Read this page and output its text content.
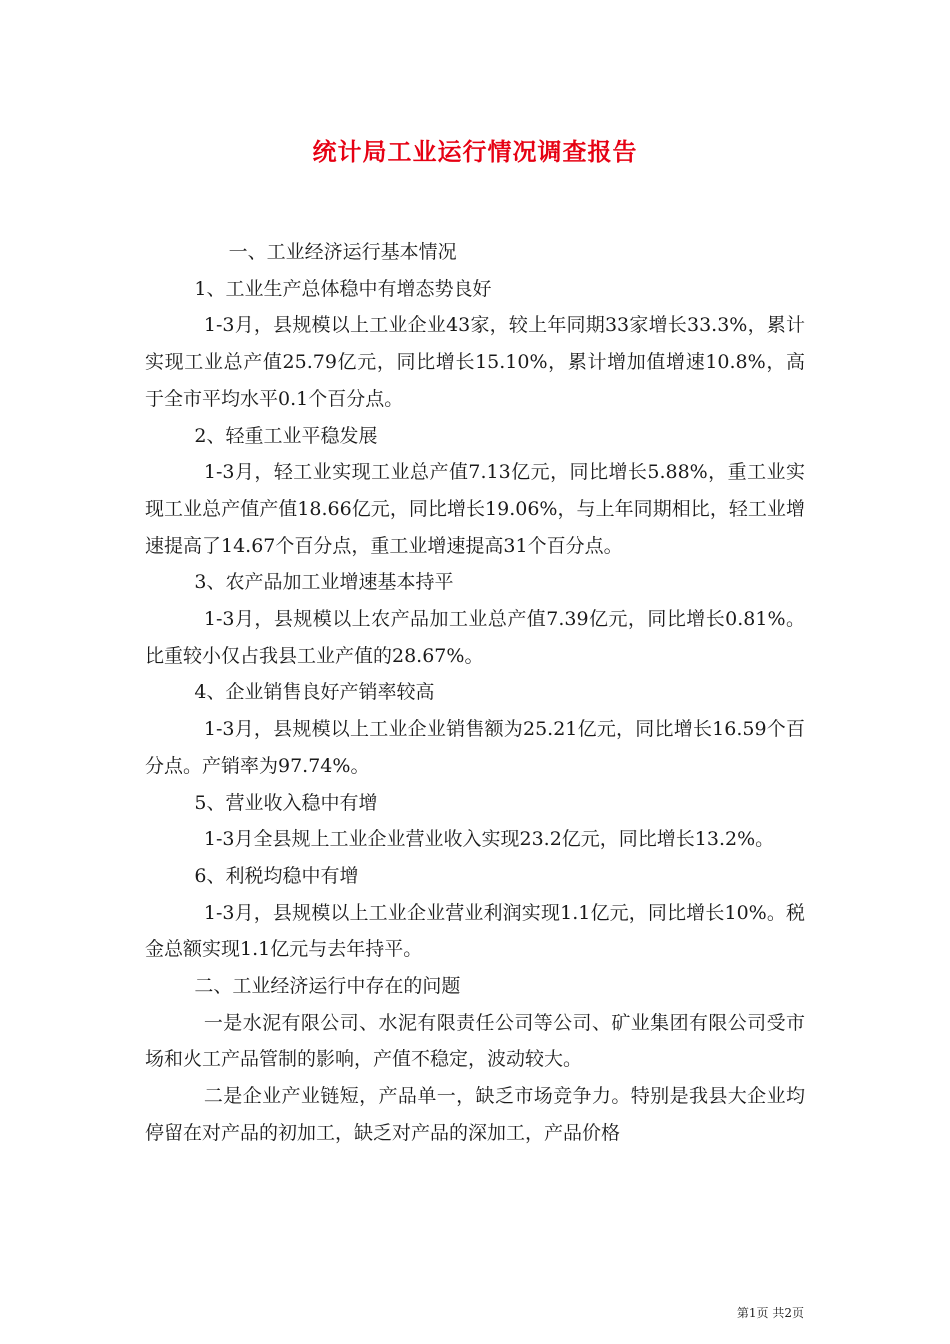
统计局工业运行情况调查报告

一、工业经济运行基本情况

1、工业生产总体稳中有增态势良好

1-3月，县规模以上工业企业43家，较上年同期33家增长33.3%，累计实现工业总产值25.79亿元，同比增长15.10%，累计增加值增速10.8%，高于全市平均水平0.1个百分点。

2、轻重工业平稳发展

1-3月，轻工业实现工业总产值7.13亿元，同比增长5.88%，重工业实现工业总产值产值18.66亿元，同比增长19.06%，与上年同期相比，轻工业增速提高了14.67个百分点，重工业增速提高31个百分点。

3、农产品加工业增速基本持平

1-3月，县规模以上农产品加工业总产值7.39亿元，同比增长0.81%。比重较小仅占我县工业产值的28.67%。

4、企业销售良好产销率较高

1-3月，县规模以上工业企业销售额为25.21亿元，同比增长16.59个百分点。产销率为97.74%。

5、营业收入稳中有增

1-3月全县规上工业企业营业收入实现23.2亿元，同比增长13.2%。

6、利税均稳中有增

1-3月，县规模以上工业企业营业利润实现1.1亿元，同比增长10%。税金总额实现1.1亿元与去年持平。

二、工业经济运行中存在的问题

一是水泥有限公司、水泥有限责任公司等公司、矿业集团有限公司受市场和火工产品管制的影响，产值不稳定，波动较大。

二是企业产业链短，产品单一，缺乏市场竞争力。特别是我县大企业均停留在对产品的初加工，缺乏对产品的深加工，产品价格

第1页 共2页
